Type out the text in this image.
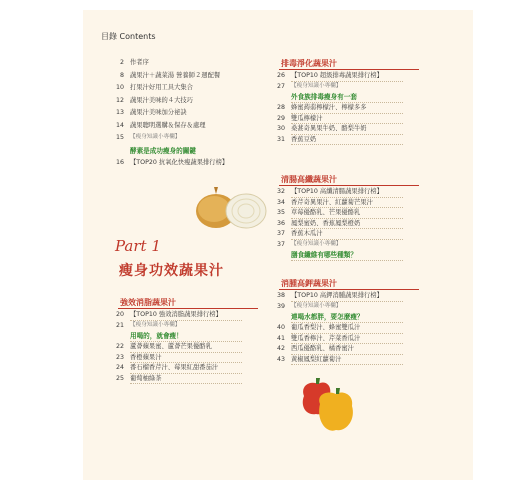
目錄 Contents
Part 1
瘦身功效蔬果汁
2 作者序
8 蔬果汁＋蔬菜湯 營養師２週配餐
10 打果汁好用工具大集合
12 蔬果汁美味的４大技巧
13 蔬果汁美味加分祕訣
14 蔬果聰明選購＆保存＆處理
15 【瘦身知識小專欄】
酵素是成功瘦身的關鍵
16 【TOP20 抗氧化快瘦蔬果排行榜】
強效消脂蔬果汁
20 【TOP10 強效消脂蔬果排行榜】
21 【瘦身知識小專欄】
用喝的，就會瘦！
22 蘆薈蘋果蜜、蘆薈芒果優酪乳
23 香橙蘋果汁
24 番石榴香芹汁、莓果紅甜番茄汁
25 葡萄柚綠茶
排毒淨化蔬果汁
26 【TOP10 超級排毒蔬果排行榜】
27 【瘦身知識小專欄】
外食族排毒瘦身有一套
28 蜂蜜蒟蒻檸檬汁、檸檬多多
29 雙瓜檸檬汁
30 桑葚奇異果牛奶、酪梨牛奶
31 香蕉豆奶
清腸高纖蔬果汁
32 【TOP10 高纖清腸蔬果排行榜】
34 香芹奇異果汁、紅蘿蔔芒果汁
35 草莓優酪乳、芒果優酪乳
36 鳳梨蜜奶、香蕉鳳梨橙奶
37 香蕉木瓜汁
37 【瘦身知識小專欄】
膳食纖維有哪些種類？
消腫高鉀蔬果汁
38 【TOP10 高鉀消腫蔬果排行榜】
39 【瘦身知識小專欄】
連喝水都胖，要怎麼瘦？
40 葡瓜香梨汁、蜂蜜雙瓜汁
41 雙瓜香檸汁、芹菜香瓜汁
42 西瓜優酪乳、橘香蜜汁
43 黃椒鳳梨紅蘿蔔汁
